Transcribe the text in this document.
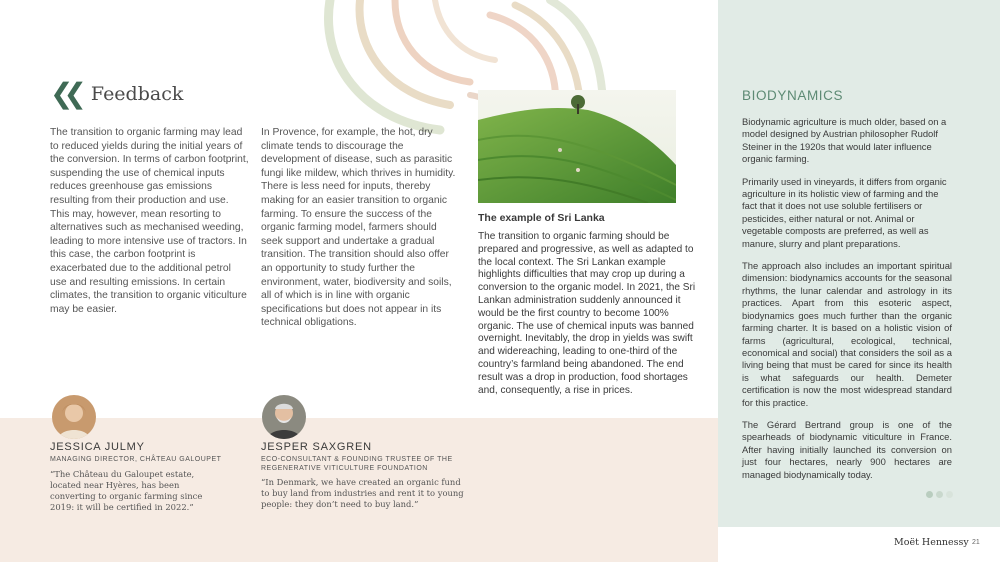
❮❮ Feedback
The transition to organic farming may lead to reduced yields during the initial years of the conversion. In terms of carbon footprint, suspending the use of chemical inputs reduces greenhouse gas emissions resulting from their production and use. This may, however, mean resorting to alternatives such as mechanised weeding, leading to more intensive use of tractors. In this case, the carbon footprint is exacerbated due to the additional petrol use and resulting emissions. In certain climates, the transition to organic viticulture may be easier.
In Provence, for example, the hot, dry climate tends to discourage the development of disease, such as parasitic fungi like mildew, which thrives in humidity. There is less need for inputs, thereby making for an easier transition to organic farming. To ensure the success of the organic farming model, farmers should seek support and undertake a gradual transition. The transition should also offer an opportunity to study further the environment, water, biodiversity and soils, all of which is in line with organic specifications but does not appear in its technical obligations.
The example of Sri Lanka
The transition to organic farming should be prepared and progressive, as well as adapted to the local context. The Sri Lankan example highlights difficulties that may crop up during a conversion to the organic model. In 2021, the Sri Lankan administration suddenly announced it would be the first country to become 100% organic. The use of chemical inputs was banned overnight. Inevitably, the drop in yields was swift and widereaching, leading to one-third of the country’s farmland being abandoned. The end result was a drop in production, food shortages and, consequently, a rise in prices.
JESSICA JULMY
MANAGING DIRECTOR, CHÂTEAU GALOUPET
“The Château du Galoupet estate, located near Hyères, has been converting to organic farming since 2019: it will be certified in 2022.”
JESPER SAXGREN
ECO-CONSULTANT & FOUNDING TRUSTEE OF THE REGENERATIVE VITICULTURE FOUNDATION
“In Denmark, we have created an organic fund to buy land from industries and rent it to young people: they don’t need to buy land.”
BIODYNAMICS

Biodynamic agriculture is much older, based on a model designed by Austrian philosopher Rudolf Steiner in the 1920s that would later influence organic farming.

Primarily used in vineyards, it differs from organic agriculture in its holistic view of farming and the fact that it does not use soluble fertilisers or pesticides, either natural or not. Animal or vegetable composts are preferred, as well as manure, slurry and plant preparations.

The approach also includes an important spiritual dimension: biodynamics accounts for the seasonal rhythms, the lunar calendar and astrology in its practices. Apart from this esoteric aspect, biodynamics goes much further than the organic farming charter. It is based on a holistic vision of farms (agricultural, ecological, technical, economical and social) that considers the soil as a living being that must be cared for since its health is what safeguards our health. Demeter certification is now the most widespread standard for this practice.

The Gérard Bertrand group is one of the spearheads of biodynamic viticulture in France. After having initially launched its conversion on just four hectares, nearly 900 hectares are managed biodynamically today.

Moët Hennessy 21
